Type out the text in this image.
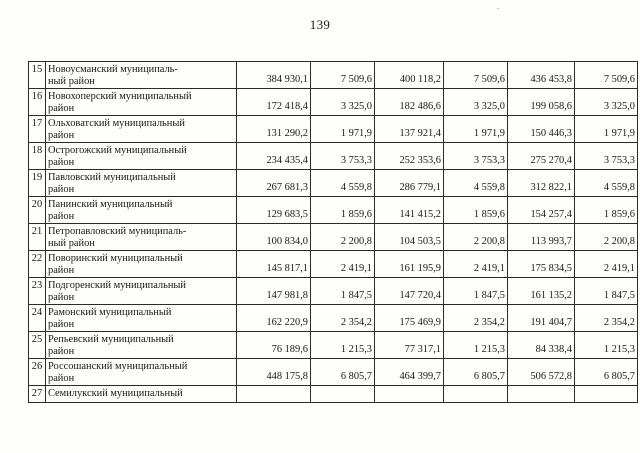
.
139
15	Новоусманский муниципаль-
ный район	384 930,1	7 509,6	400 118,2	7 509,6	436 453,8	7 509,6
16	Новохоперский муниципальный
район	172 418,4	3 325,0	182 486,6	3 325,0	199 058,6	3 325,0
17	Ольховатский муниципальный
район	131 290,2	1 971,9	137 921,4	1 971,9	150 446,3	1 971,9
18	Острогожский муниципальный
район	234 435,4	3 753,3	252 353,6	3 753,3	275 270,4	3 753,3
19	Павловский муниципальный
район	267 681,3	4 559,8	286 779,1	4 559,8	312 822,1	4 559,8
20	Панинский муниципальный
район	129 683,5	1 859,6	141 415,2	1 859,6	154 257,4	1 859,6
21	Петропавловский муниципаль-
ный район	100 834,0	2 200,8	104 503,5	2 200,8	113 993,7	2 200,8
22	Поворинский муниципальный
район	145 817,1	2 419,1	161 195,9	2 419,1	175 834,5	2 419,1
23	Подгоренский муниципальный
район	147 981,8	1 847,5	147 720,4	1 847,5	161 135,2	1 847,5
24	Рамонский муниципальный
район	162 220,9	2 354,2	175 469,9	2 354,2	191 404,7	2 354,2
25	Репьевский муниципальный
район	76 189,6	1 215,3	77 317,1	1 215,3	84 338,4	1 215,3
26	Россошанский муниципальный
район	448 175,8	6 805,7	464 399,7	6 805,7	506 572,8	6 805,7
27	Семилукский муниципальный						
